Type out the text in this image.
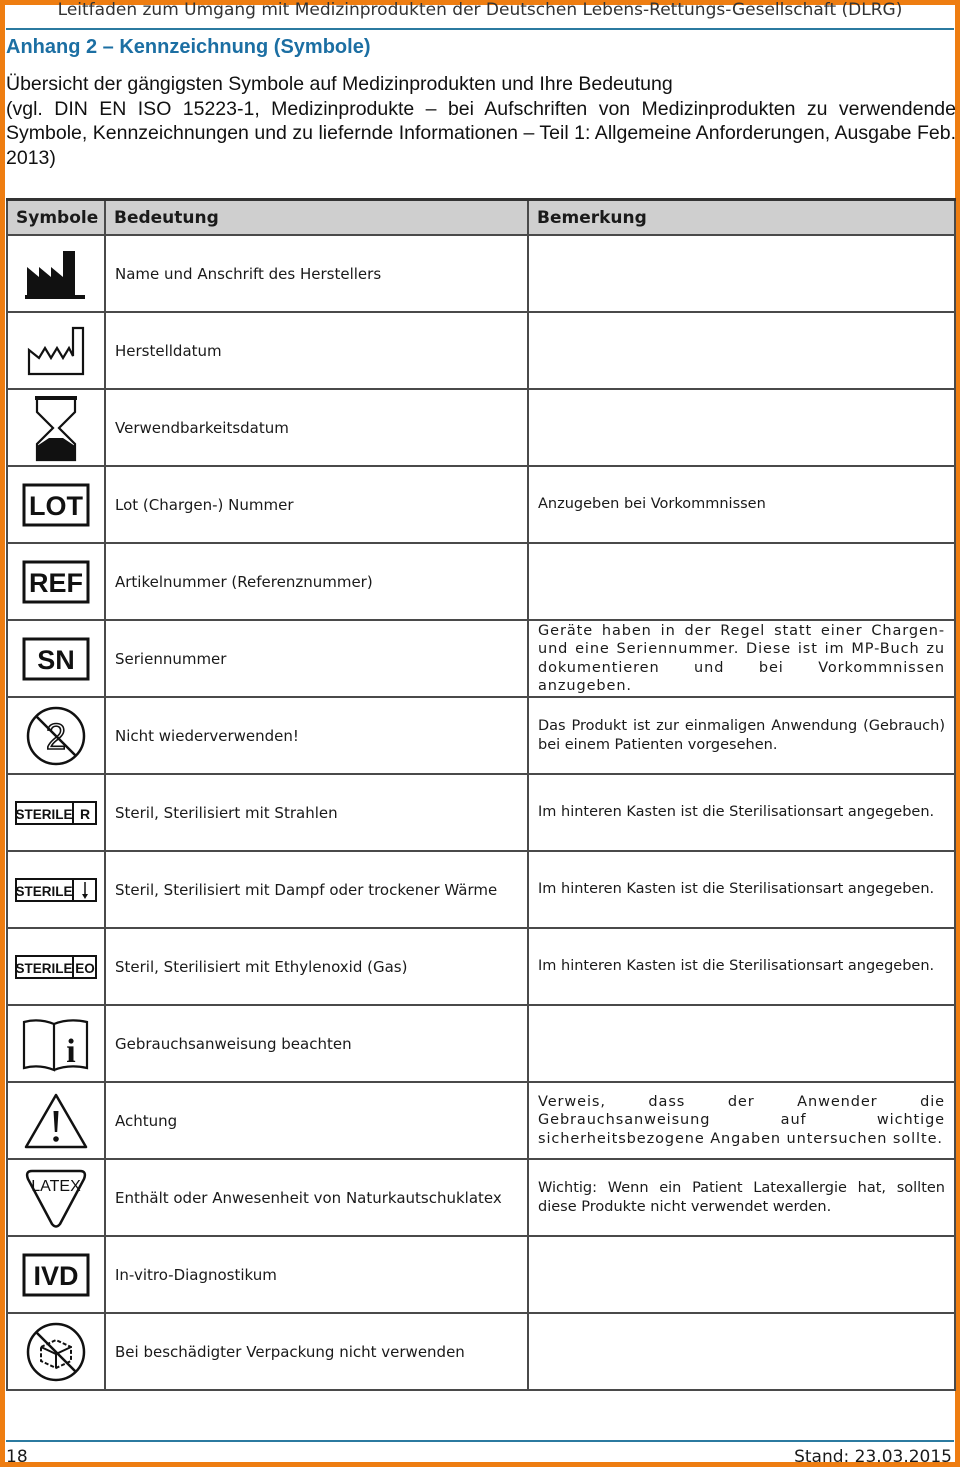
Leitfaden zum Umgang mit Medizinprodukten der Deutschen Lebens-Rettungs-Gesellschaft (DLRG)
Anhang 2 – Kennzeichnung (Symbole)
Übersicht der gängigsten Symbole auf Medizinprodukten und Ihre Bedeutung
(vgl. DIN EN ISO 15223-1, Medizinprodukte – bei Aufschriften von Medizinprodukten zu verwendende Symbole, Kennzeichnungen und zu liefernde Informationen – Teil 1: Allgemeine Anforderungen, Ausgabe Feb. 2013)
Symbole	Bedeutung	Bemerkung

	Name und Anschrift des Herstellers	

	Herstelldatum	

	Verwendbarkeitsdatum	

LOT	Lot (Chargen-) Nummer	Anzugeben bei Vorkommnissen

REF	Artikelnummer (Referenznummer)	

SN	Seriennummer	Geräte haben in der Regel statt einer Chargen- und eine Seriennummer. Diese ist im MP-Buch zu dokumentieren und bei Vorkommnissen anzugeben.

2	Nicht wiederverwenden!	Das Produkt ist zur einmaligen Anwendung (Gebrauch) bei einem Patienten vorgesehen.

STERILE R	Steril, Sterilisiert mit Strahlen	Im hinteren Kasten ist die Sterilisationsart angegeben.

STERILE	Steril, Sterilisiert mit Dampf oder trockener Wärme	Im hinteren Kasten ist die Sterilisationsart angegeben.

STERILE EO	Steril, Sterilisiert mit Ethylenoxid (Gas)	Im hinteren Kasten ist die Sterilisationsart angegeben.

i	Gebrauchsanweisung beachten	

	Achtung	Verweis, dass der Anwender die Gebrauchsanweisung auf wichtige sicherheitsbezogene Angaben untersuchen sollte.

LATEX	Enthält oder Anwesenheit von Naturkautschuklatex	Wichtig: Wenn ein Patient Latexallergie hat, sollten diese Produkte nicht verwendet werden.

IVD	In-vitro-Diagnostikum	

	Bei beschädigter Verpackung nicht verwenden	
18	Stand: 23.03.2015
